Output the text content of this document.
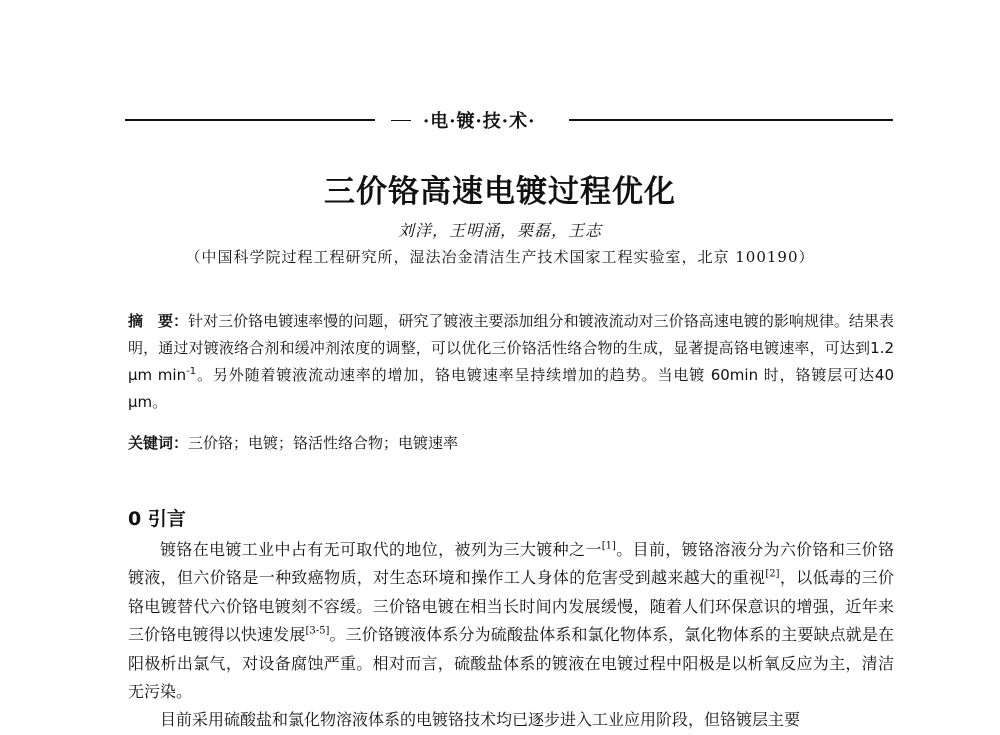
·电·镀·技·术·
三价铬高速电镀过程优化
刘洋，王明涌，栗磊，王志
（中国科学院过程工程研究所，湿法冶金清洁生产技术国家工程实验室，北京 100190）
摘　要：针对三价铬电镀速率慢的问题，研究了镀液主要添加组分和镀液流动对三价铬高速电镀的影响规律。结果表明，通过对镀液络合剂和缓冲剂浓度的调整，可以优化三价铬活性络合物的生成，显著提高铬电镀速率，可达到1.2 μm $\min^{-1}$。另外随着镀液流动速率的增加，铬电镀速率呈持续增加的趋势。当电镀 60min 时，铬镀层可达40 μm。
关键词：三价铬；电镀；铬活性络合物；电镀速率
0 引言

镀铬在电镀工业中占有无可取代的地位，被列为三大镀种之一[1]。目前，镀铬溶液分为六价铬和三价铬镀液，但六价铬是一种致癌物质，对生态环境和操作工人身体的危害受到越来越大的重视[2]，以低毒的三价铬电镀替代六价铬电镀刻不容缓。三价铬电镀在相当长时间内发展缓慢，随着人们环保意识的增强，近年来三价铬电镀得以快速发展[3-5]。三价铬镀液体系分为硫酸盐体系和氯化物体系，氯化物体系的主要缺点就是在阳极析出氯气，对设备腐蚀严重。相对而言，硫酸盐体系的镀液在电镀过程中阳极是以析氧反应为主，清洁无污染。

目前采用硫酸盐和氯化物溶液体系的电镀铬技术均已逐步进入工业应用阶段，但铬镀层主要
